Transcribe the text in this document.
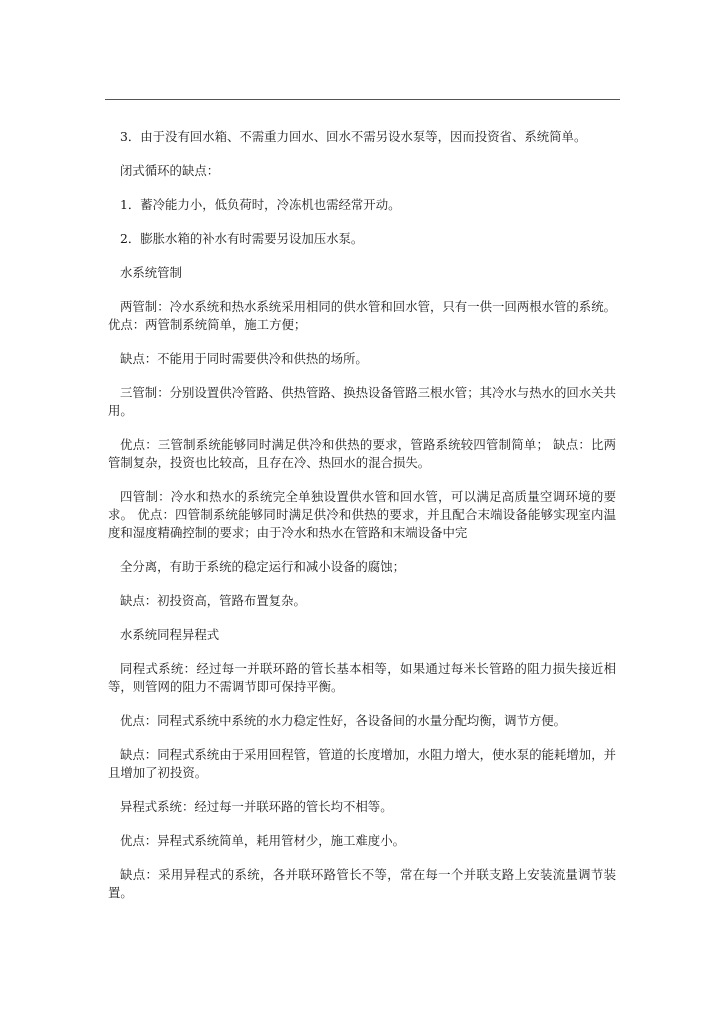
3．由于没有回水箱、不需重力回水、回水不需另设水泵等，因而投资省、系统简单。

闭式循环的缺点：

1．蓄冷能力小，低负荷时，冷冻机也需经常开动。

2．膨胀水箱的补水有时需要另设加压水泵。

水系统管制

两管制：冷水系统和热水系统采用相同的供水管和回水管，只有一供一回两根水管的系统。 优点：两管制系统简单，施工方便；

缺点：不能用于同时需要供冷和供热的场所。

三管制：分别设置供冷管路、供热管路、换热设备管路三根水管；其冷水与热水的回水关共用。

优点：三管制系统能够同时满足供冷和供热的要求，管路系统较四管制简单； 缺点：比两管制复杂，投资也比较高，且存在冷、热回水的混合损失。

四管制：冷水和热水的系统完全单独设置供水管和回水管，可以满足高质量空调环境的要求。 优点：四管制系统能够同时满足供冷和供热的要求，并且配合末端设备能够实现室内温度和湿度精确控制的要求；由于冷水和热水在管路和末端设备中完

全分离，有助于系统的稳定运行和减小设备的腐蚀；

缺点：初投资高，管路布置复杂。

水系统同程异程式

同程式系统：经过每一并联环路的管长基本相等，如果通过每米长管路的阻力损失接近相等，则管网的阻力不需调节即可保持平衡。

优点：同程式系统中系统的水力稳定性好，各设备间的水量分配均衡，调节方便。

缺点：同程式系统由于采用回程管，管道的长度增加，水阻力增大，使水泵的能耗增加，并且增加了初投资。

异程式系统：经过每一并联环路的管长均不相等。

优点：异程式系统简单，耗用管材少，施工难度小。

缺点：采用异程式的系统，各并联环路管长不等，常在每一个并联支路上安装流量调节装置。
